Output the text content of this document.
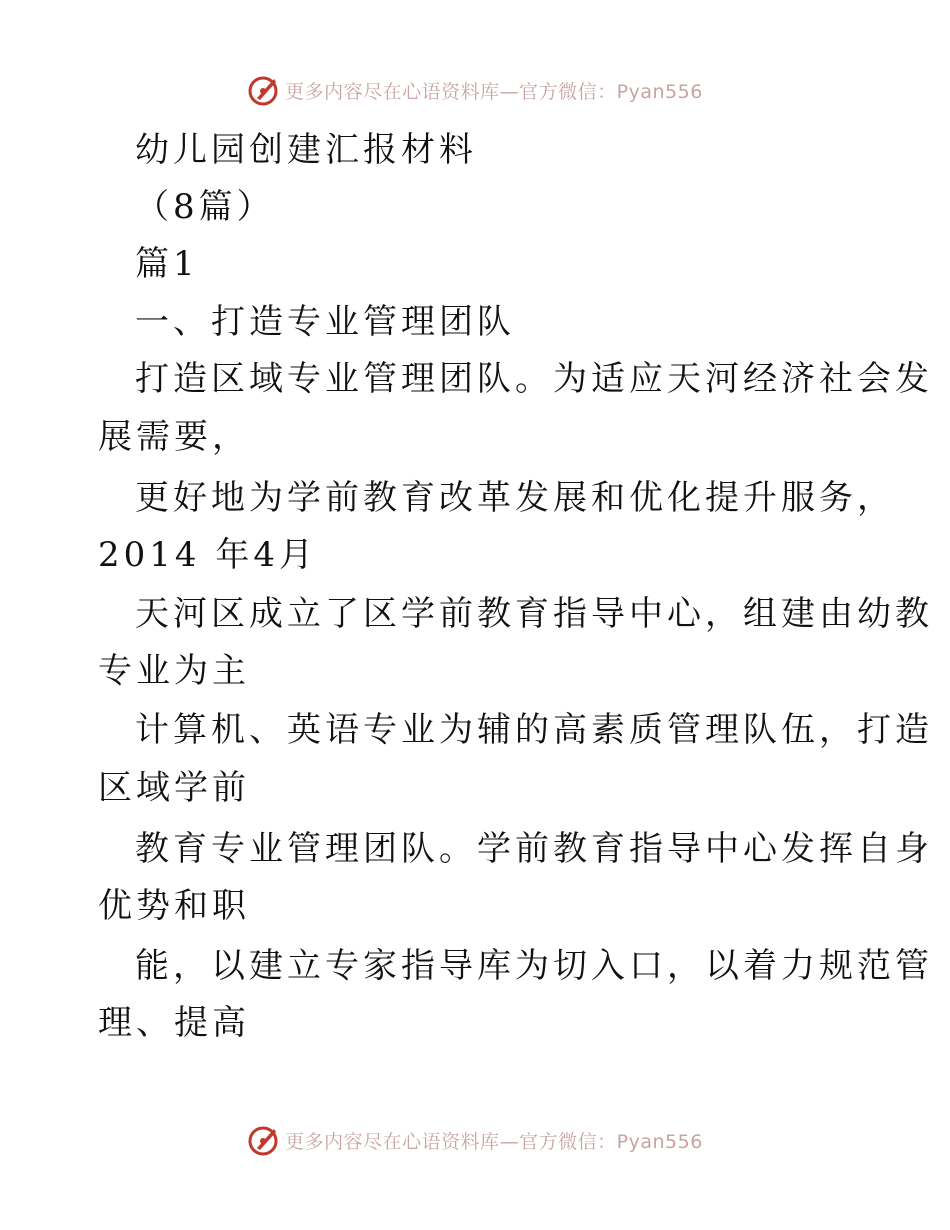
更多内容尽在心语资料库—官方微信：Pyan556
幼儿园创建汇报材料
（8篇）
篇1
一、打造专业管理团队
打造区域专业管理团队。为适应天河经济社会发
展需要，
更好地为学前教育改革发展和优化提升服务，
2014 年4月
天河区成立了区学前教育指导中心，组建由幼教
专业为主
计算机、英语专业为辅的高素质管理队伍，打造
区域学前
教育专业管理团队。学前教育指导中心发挥自身
优势和职
能，以建立专家指导库为切入口，以着力规范管
理、提高
更多内容尽在心语资料库—官方微信：Pyan556
